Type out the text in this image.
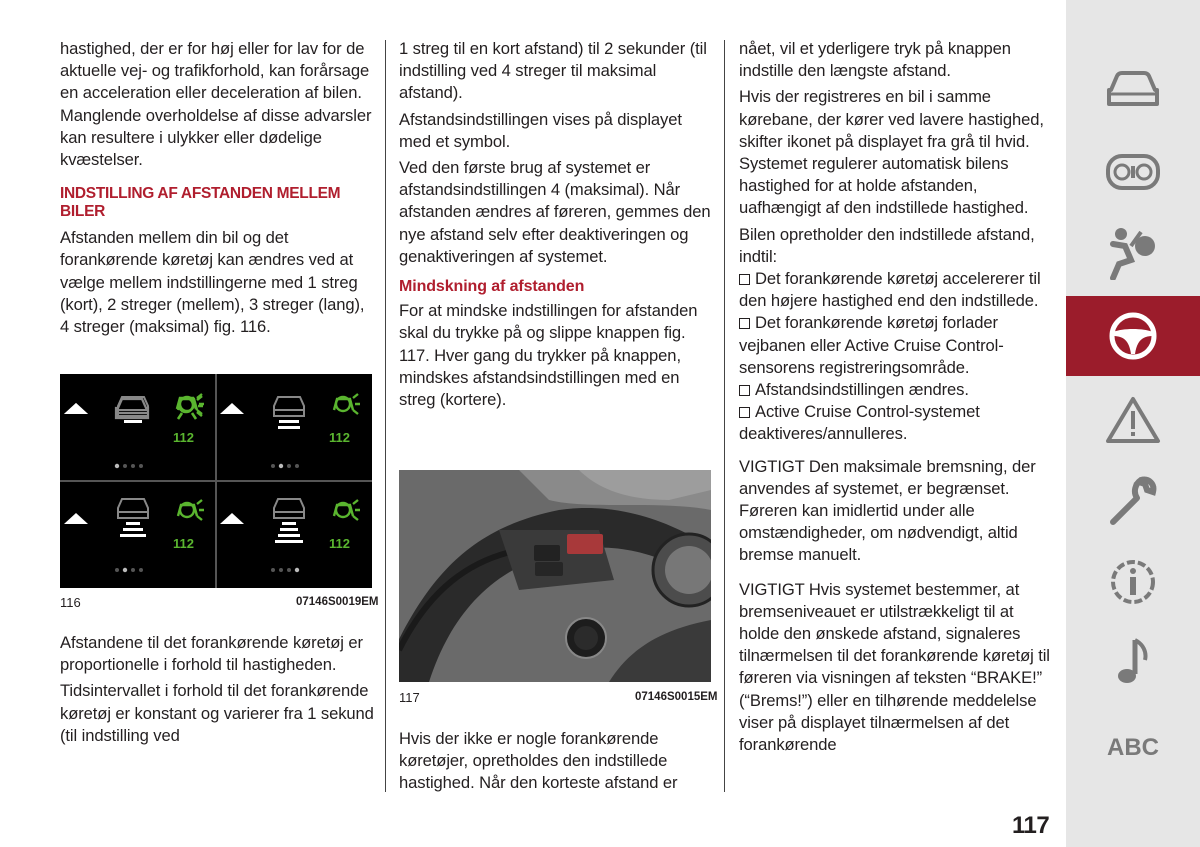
hastighed, der er for høj eller for lav for de aktuelle vej- og trafikforhold, kan forårsage en acceleration eller deceleration af bilen. Manglende overholdelse af disse advarsler kan resultere i ulykker eller dødelige kvæstelser.

INDSTILLING AF AFSTANDEN MELLEM BILER

Afstanden mellem din bil og det forankørende køretøj kan ændres ved at vælge mellem indstillingerne med 1 streg (kort), 2 streger (mellem), 3 streger (lang), 4 streger (maksimal) fig. 116.

112	112
112	112
116	07146S0019EM

Afstandene til det forankørende køretøj er proportionelle i forhold til hastigheden.

Tidsintervallet i forhold til det forankørende køretøj er konstant og varierer fra 1 sekund (til indstilling ved

1 streg til en kort afstand) til 2 sekunder (til indstilling ved 4 streger til maksimal afstand).

Afstandsindstillingen vises på displayet med et symbol.

Ved den første brug af systemet er afstandsindstillingen 4 (maksimal). Når afstanden ændres af føreren, gemmes den nye afstand selv efter deaktiveringen og genaktiveringen af systemet.

Mindskning af afstanden

For at mindske indstillingen for afstanden skal du trykke på og slippe knappen fig. 117. Hver gang du trykker på knappen, mindskes afstandsindstillingen med en streg (kortere).

117	07146S0015EM

Hvis der ikke er nogle forankørende køretøjer, opretholdes den indstillede hastighed. Når den korteste afstand er

nået, vil et yderligere tryk på knappen indstille den længste afstand.

Hvis der registreres en bil i samme kørebane, der kører ved lavere hastighed, skifter ikonet på displayet fra grå til hvid. Systemet regulerer automatisk bilens hastighed for at holde afstanden, uafhængigt af den indstillede hastighed.

Bilen opretholder den indstillede afstand, indtil:

Det forankørende køretøj accelererer til den højere hastighed end den indstillede.
Det forankørende køretøj forlader vejbanen eller Active Cruise Control-sensorens registreringsområde.
Afstandsindstillingen ændres.
Active Cruise Control-systemet deaktiveres/annulleres.

VIGTIGT Den maksimale bremsning, der anvendes af systemet, er begrænset. Føreren kan imidlertid under alle omstændigheder, om nødvendigt, altid bremse manuelt.

VIGTIGT Hvis systemet bestemmer, at bremseniveauet er utilstrækkeligt til at holde den ønskede afstand, signaleres tilnærmelsen til det forankørende køretøj til føreren via visningen af teksten “BRAKE!” (“Brems!”) eller en tilhørende meddelelse viser på displayet tilnærmelsen af det forankørende	ABC
117
